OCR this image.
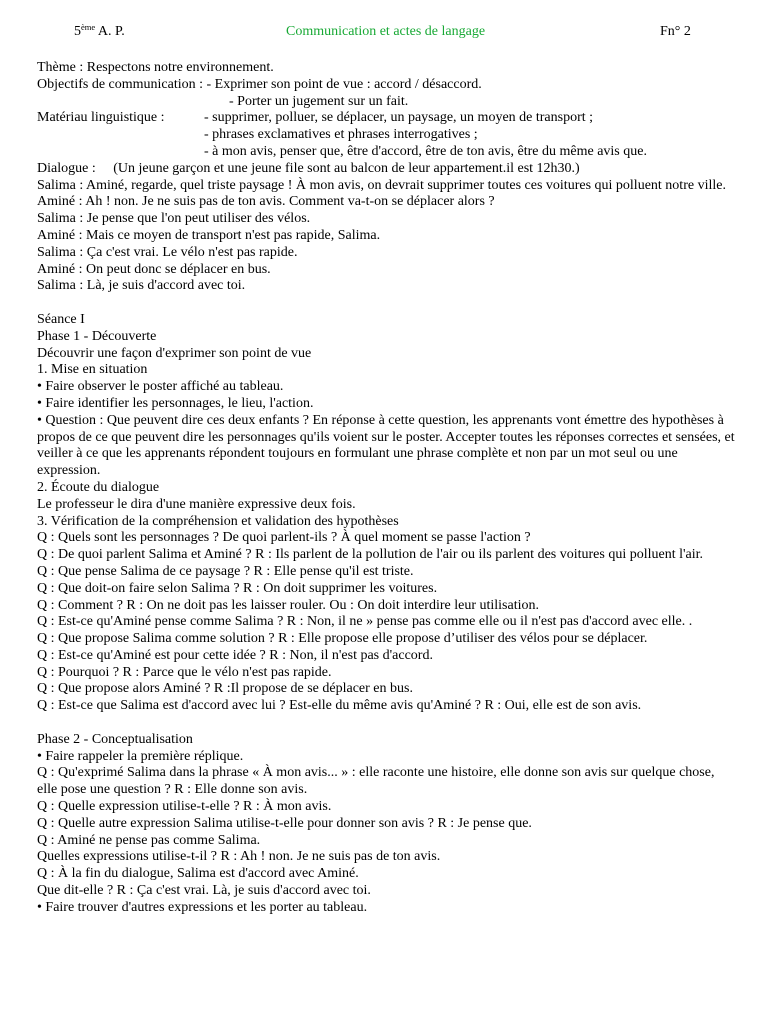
5ème A. P.	Communication et actes de langage	Fn° 2
Thème : Respectons notre environnement.
Objectifs de communication : - Exprimer son point de vue : accord / désaccord.
- Porter un jugement sur un fait.
Matériau linguistique :	- supprimer, polluer, se déplacer, un paysage, un moyen de transport ;
- phrases exclamatives et phrases interrogatives ;
- à mon avis, penser que, être d'accord, être de ton avis, être du même avis que.
Dialogue :     (Un jeune garçon et une jeune file sont au balcon de leur appartement.il est 12h30.)
Salima : Aminé, regarde, quel triste paysage ! À mon avis, on devrait supprimer toutes ces voitures qui polluent notre ville. Aminé : Ah ! non. Je ne suis pas de ton avis. Comment va-t-on se déplacer alors ?
Salima : Je pense que l'on peut utiliser des vélos.
Aminé : Mais ce moyen de transport n'est pas rapide, Salima.
Salima : Ça c'est vrai. Le vélo n'est pas rapide.
Aminé : On peut donc se déplacer en bus.
Salima : Là, je suis d'accord avec toi.
Séance I
Phase 1 - Découverte
Découvrir une façon d'exprimer son point de vue
1. Mise en situation
• Faire observer le poster affiché au tableau.
• Faire identifier les personnages, le lieu, l'action.
• Question : Que peuvent dire ces deux enfants ? En réponse à cette question, les apprenants vont émettre des hypothèses à propos de ce que peuvent dire les personnages qu'ils voient sur le poster. Accepter toutes les réponses correctes et sensées, et veiller à ce que les apprenants répondent toujours en formulant une phrase complète et non par un mot seul ou une expression.
2. Écoute du dialogue
Le professeur le dira d'une manière expressive deux fois.
3. Vérification de la compréhension et validation des hypothèses
Q : Quels sont les personnages ? De quoi parlent-ils ? À quel moment se passe l'action ?
Q : De quoi parlent Salima et Aminé ? R : Ils parlent de la pollution de l'air ou ils parlent des voitures qui polluent l'air.
Q : Que pense Salima de ce paysage ? R : Elle pense qu'il est triste.
Q : Que doit-on faire selon Salima ? R : On doit supprimer les voitures.
Q : Comment ? R : On ne doit pas les laisser rouler. Ou : On doit interdire leur utilisation.
Q : Est-ce qu'Aminé pense comme Salima ? R : Non, il ne » pense pas comme elle ou il n'est pas d'accord avec elle. .
Q : Que propose Salima comme solution ? R : Elle propose elle propose d’utiliser des vélos pour se déplacer.
Q : Est-ce qu'Aminé est pour cette idée ? R : Non, il n'est pas d'accord.
Q : Pourquoi ? R : Parce que le vélo n'est pas rapide.
Q : Que propose alors Aminé ? R :Il propose de se déplacer en bus.
Q : Est-ce que Salima est d'accord avec lui ? Est-elle du même avis qu'Aminé ? R : Oui, elle est de son avis.
Phase 2 - Conceptualisation
• Faire rappeler la première réplique.
Q : Qu'exprimé Salima dans la phrase « À mon avis... » : elle raconte une histoire, elle donne son avis sur quelque chose, elle pose une question ? R : Elle donne son avis.
Q : Quelle expression utilise-t-elle ? R : À mon avis.
Q : Quelle autre expression Salima utilise-t-elle pour donner son avis ? R : Je pense que.
Q : Aminé ne pense pas comme Salima.
Quelles expressions utilise-t-il ? R : Ah ! non. Je ne suis pas de ton avis.
Q : À la fin du dialogue, Salima est d'accord avec Aminé.
Que dit-elle ? R : Ça c'est vrai. Là, je suis d'accord avec toi.
• Faire trouver d'autres expressions et les porter au tableau.
